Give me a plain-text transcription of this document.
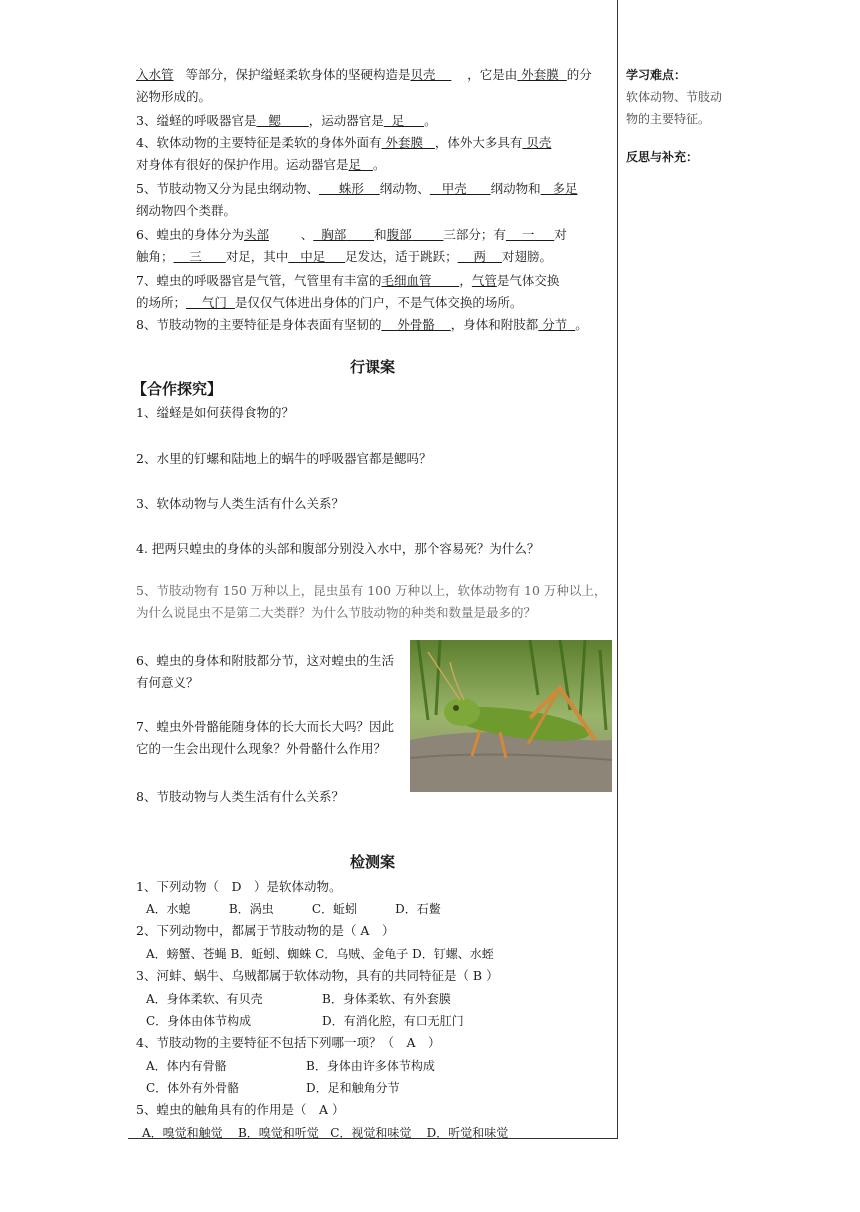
入水管 等部分，保护缢蛏柔软身体的坚硬构造是贝壳	，它是由 外套膜 的分
泌物形成的。
3、缢蛏的呼吸器官是 鳃 ，运动器官是 足 。
4、软体动物的主要特征是柔软的身体外面有 外套膜 ，体外大多具有 贝壳
对身体有很好的保护作用。运动器官是足 。
5、节肢动物又分为昆虫纲动物、 蛛形 纲动物、 甲壳 纲动物和 多足
纲动物四个类群。
6、蝗虫的身体分为头部	、 胸部 和腹部	三部分；有 一 对
触角； 三 对足，其中 中足 足发达，适于跳跃； 两 对翅膀。
7、蝗虫的呼吸器官是气管，气管里有丰富的毛细血管 ，气管是气体交换
的场所； 气门 是仅仅气体进出身体的门户，不是气体交换的场所。
8、节肢动物的主要特征是身体表面有坚韧的 外骨骼 ，身体和附肢都 分节 。
行课案
【合作探究】
1、缢蛏是如何获得食物的？
2、水里的钉螺和陆地上的蜗牛的呼吸器官都是鳃吗？
3、软体动物与人类生活有什么关系？
4. 把两只蝗虫的身体的头部和腹部分别没入水中，那个容易死？为什么？
5、节肢动物有 150 万种以上，昆虫虽有 100 万种以上，软体动物有 10 万种以上，
为什么说昆虫不是第二大类群？为什么节肢动物的种类和数量是最多的？
6、蝗虫的身体和附肢都分节，这对蝗虫的生活
有何意义？
7、蝗虫外骨骼能随身体的长大而长大吗？因此
它的一生会出现什么现象？外骨骼什么作用？
8、节肢动物与人类生活有什么关系？
检测案
1、下列动物（　D　）是软体动物。
A．水螅	B．涡虫	C．蚯蚓	D．石鳖
2、下列动物中，都属于节肢动物的是（ A　）
A．螃蟹、苍蝇 B．蚯蚓、蜘蛛 C．乌贼、金龟子 D．钉螺、水蛭
3、河蚌、蜗牛、乌贼都属于软体动物，具有的共同特征是（ B ）
A．身体柔软、有贝壳	B．身体柔软、有外套膜
C．身体由体节构成	D．有消化腔，有口无肛门
4、节肢动物的主要特征不包括下列哪一项？（　A　）
A．体内有骨骼	B．身体由许多体节构成
C．体外有外骨骼	D．足和触角分节
5、蝗虫的触角具有的作用是（　A ）
A．嗅觉和触觉 B．嗅觉和听觉 C．视觉和味觉 D．听觉和味觉
学习难点：
软体动物、节肢动
物的主要特征。
反思与补充：
